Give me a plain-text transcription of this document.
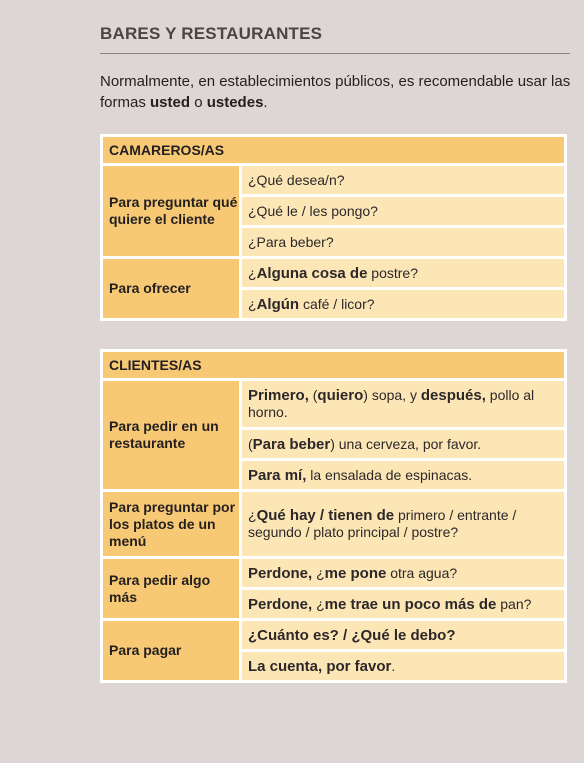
BARES Y RESTAURANTES
Normalmente, en establecimientos públicos, es recomendable usar las formas usted o ustedes.
CAMAREROS/AS	
Para preguntar qué quiere el cliente	¿Qué desea/n?
	¿Qué le / les pongo?
	¿Para beber?
Para ofrecer	¿Alguna cosa de postre?
	¿Algún café / licor?
CLIENTES/AS	
Para pedir en un restaurante	Primero, (quiero) sopa, y después, pollo al horno.
	(Para beber) una cerveza, por favor.
	Para mí, la ensalada de espinacas.
Para preguntar por los platos de un menú	¿Qué hay / tienen de primero / entrante / segundo / plato principal / postre?
Para pedir algo más	Perdone, ¿me pone otra agua?
	Perdone, ¿me trae un poco más de pan?
Para pagar	¿Cuánto es? / ¿Qué le debo?
	La cuenta, por favor.
